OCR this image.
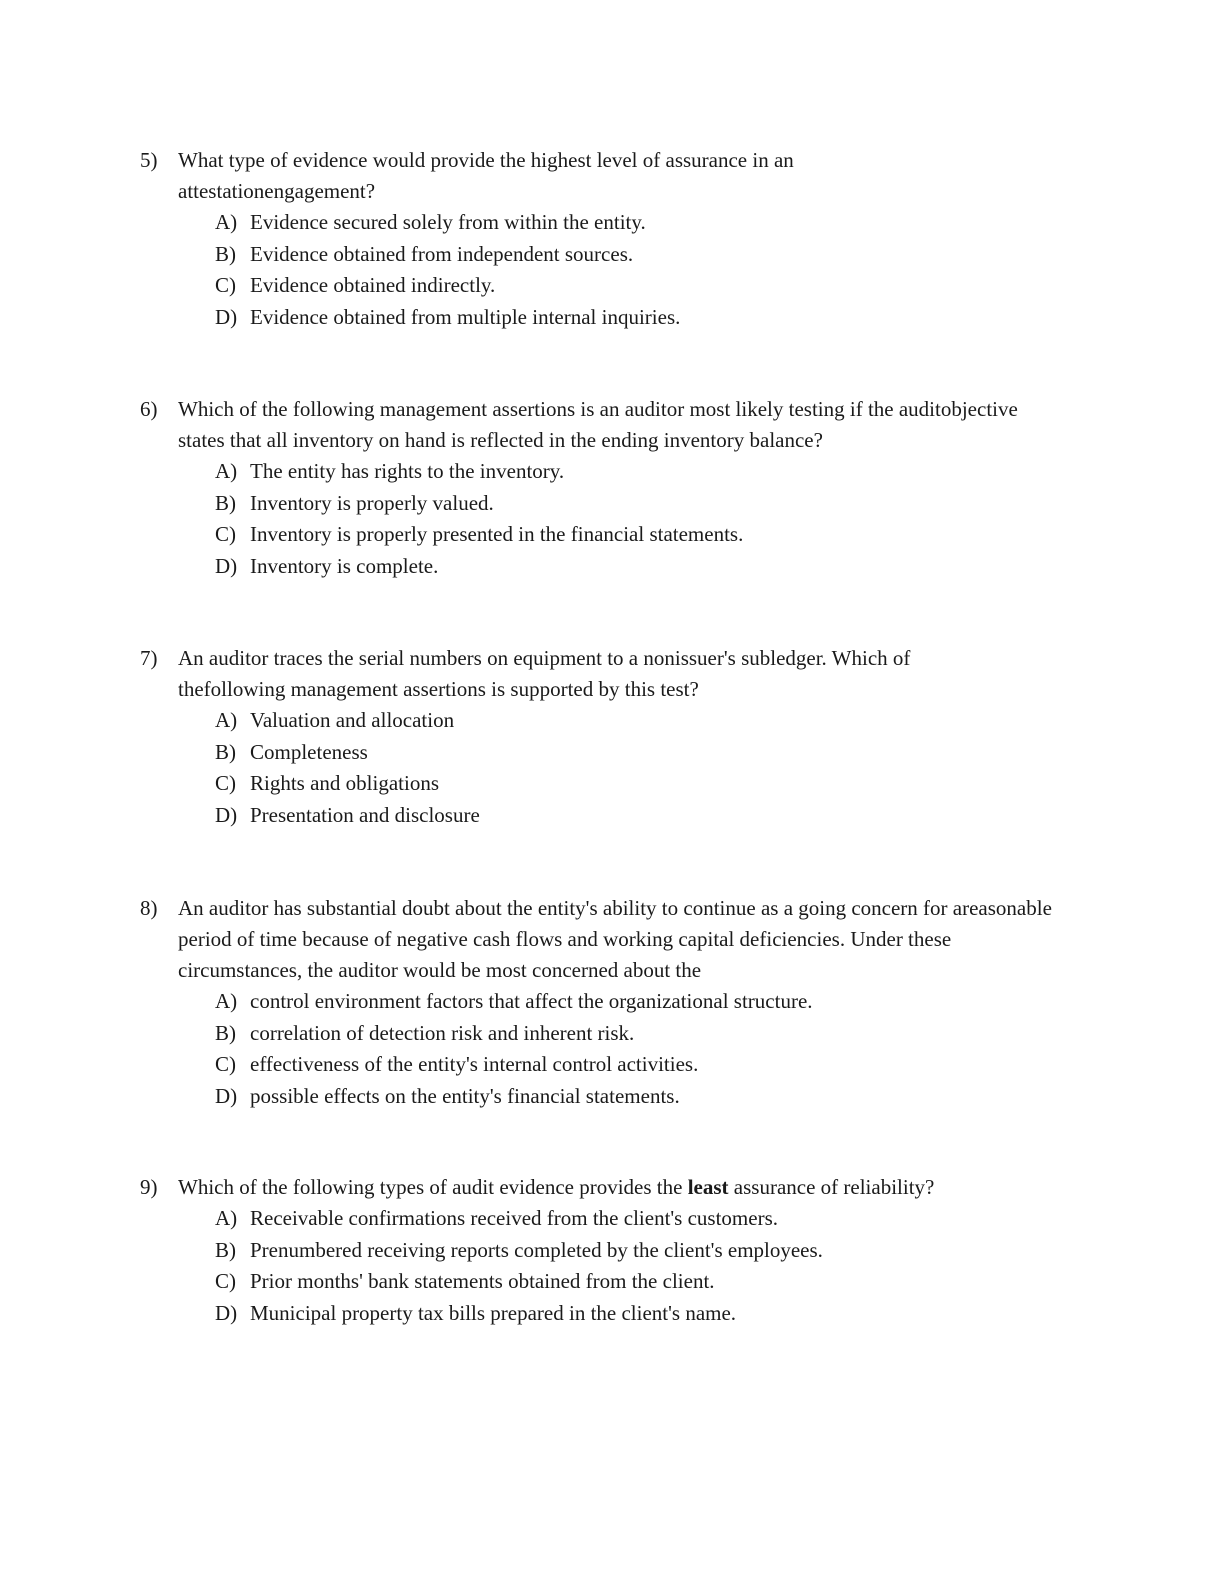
5) What type of evidence would provide the highest level of assurance in an attestationengagement?
A) Evidence secured solely from within the entity.
B) Evidence obtained from independent sources.
C) Evidence obtained indirectly.
D) Evidence obtained from multiple internal inquiries.
6) Which of the following management assertions is an auditor most likely testing if the auditobjective states that all inventory on hand is reflected in the ending inventory balance?
A) The entity has rights to the inventory.
B) Inventory is properly valued.
C) Inventory is properly presented in the financial statements.
D) Inventory is complete.
7) An auditor traces the serial numbers on equipment to a nonissuer's subledger. Which of thefollowing management assertions is supported by this test?
A) Valuation and allocation
B) Completeness
C) Rights and obligations
D) Presentation and disclosure
8) An auditor has substantial doubt about the entity's ability to continue as a going concern for areasonable period of time because of negative cash flows and working capital deficiencies. Under these circumstances, the auditor would be most concerned about the
A) control environment factors that affect the organizational structure.
B) correlation of detection risk and inherent risk.
C) effectiveness of the entity's internal control activities.
D) possible effects on the entity's financial statements.
9) Which of the following types of audit evidence provides the least assurance of reliability?
A) Receivable confirmations received from the client's customers.
B) Prenumbered receiving reports completed by the client's employees.
C) Prior months' bank statements obtained from the client.
D) Municipal property tax bills prepared in the client's name.
